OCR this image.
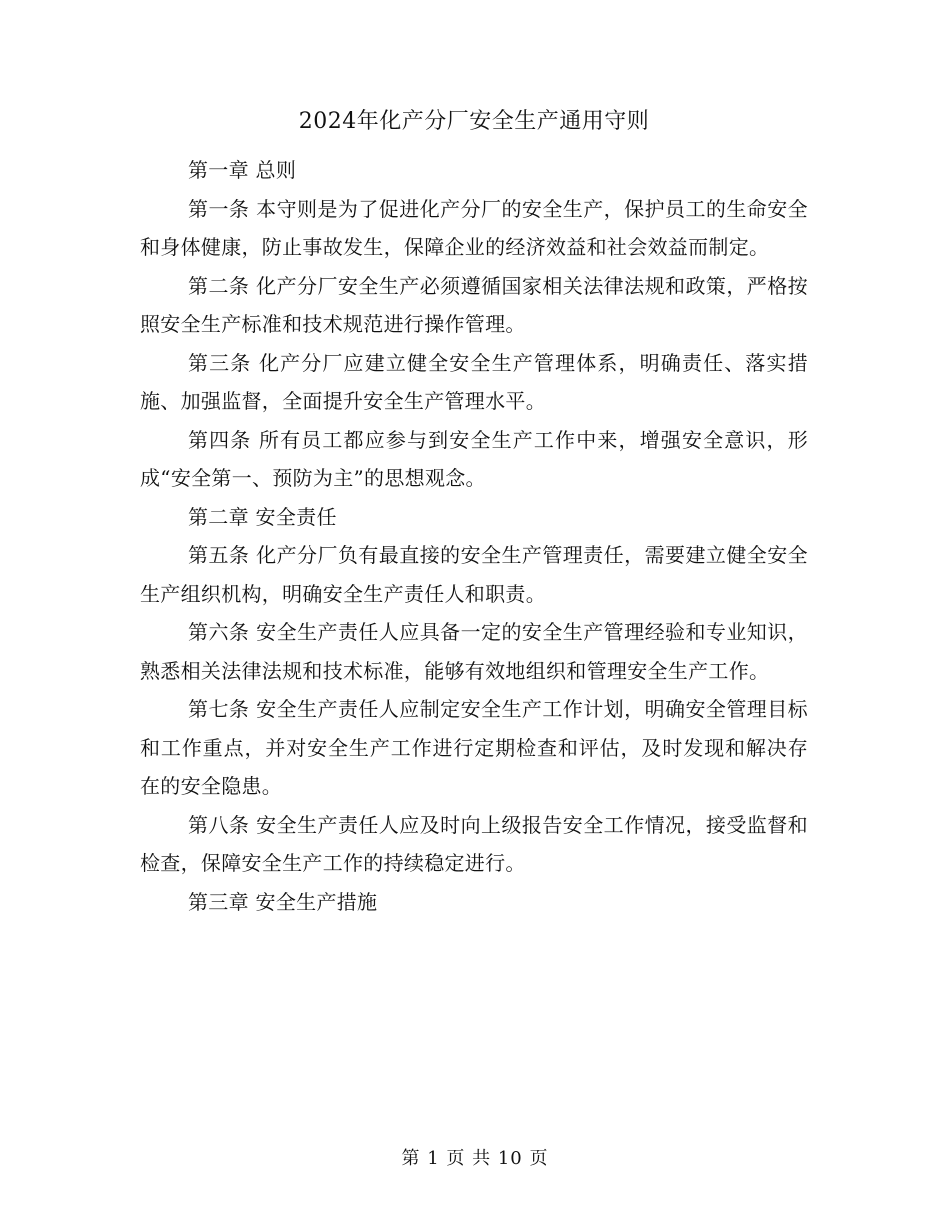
2024年化产分厂安全生产通用守则

第一章 总则

第一条 本守则是为了促进化产分厂的安全生产，保护员工的生命安全和身体健康，防止事故发生，保障企业的经济效益和社会效益而制定。

第二条 化产分厂安全生产必须遵循国家相关法律法规和政策，严格按照安全生产标准和技术规范进行操作管理。

第三条 化产分厂应建立健全安全生产管理体系，明确责任、落实措施、加强监督，全面提升安全生产管理水平。

第四条 所有员工都应参与到安全生产工作中来，增强安全意识，形成“安全第一、预防为主”的思想观念。

第二章 安全责任

第五条 化产分厂负有最直接的安全生产管理责任，需要建立健全安全生产组织机构，明确安全生产责任人和职责。

第六条 安全生产责任人应具备一定的安全生产管理经验和专业知识，熟悉相关法律法规和技术标准，能够有效地组织和管理安全生产工作。

第七条 安全生产责任人应制定安全生产工作计划，明确安全管理目标和工作重点，并对安全生产工作进行定期检查和评估，及时发现和解决存在的安全隐患。

第八条 安全生产责任人应及时向上级报告安全工作情况，接受监督和检查，保障安全生产工作的持续稳定进行。

第三章 安全生产措施

第 1 页 共 10 页
